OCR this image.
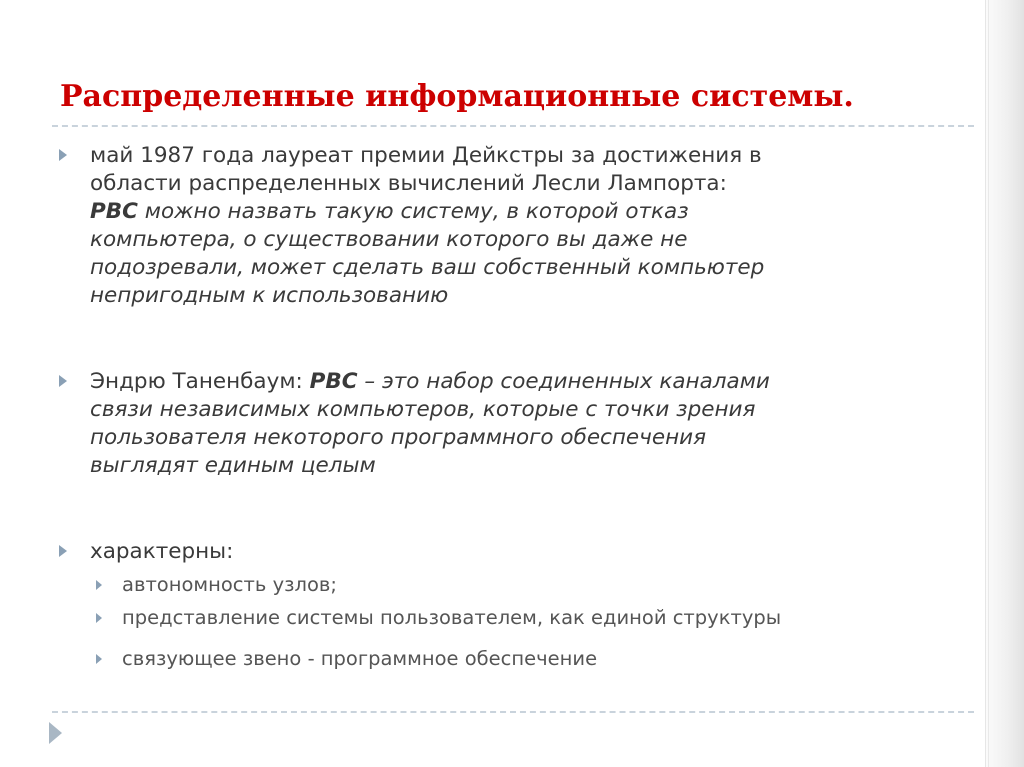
Распределенные информационные системы.
май 1987 года лауреат премии Дейкстры за достижения в
области распределенных вычислений Лесли Лампорта:
РВС можно назвать такую систему, в которой отказ
компьютера, о существовании которого вы даже не
подозревали, может сделать ваш собственный компьютер
непригодным к использованию
Эндрю Таненбаум: РВС – это набор соединенных каналами
связи независимых компьютеров, которые с точки зрения
пользователя некоторого программного обеспечения
выглядят единым целым
характерны:
автономность узлов;
представление системы пользователем, как единой структуры
связующее звено - программное обеспечение
